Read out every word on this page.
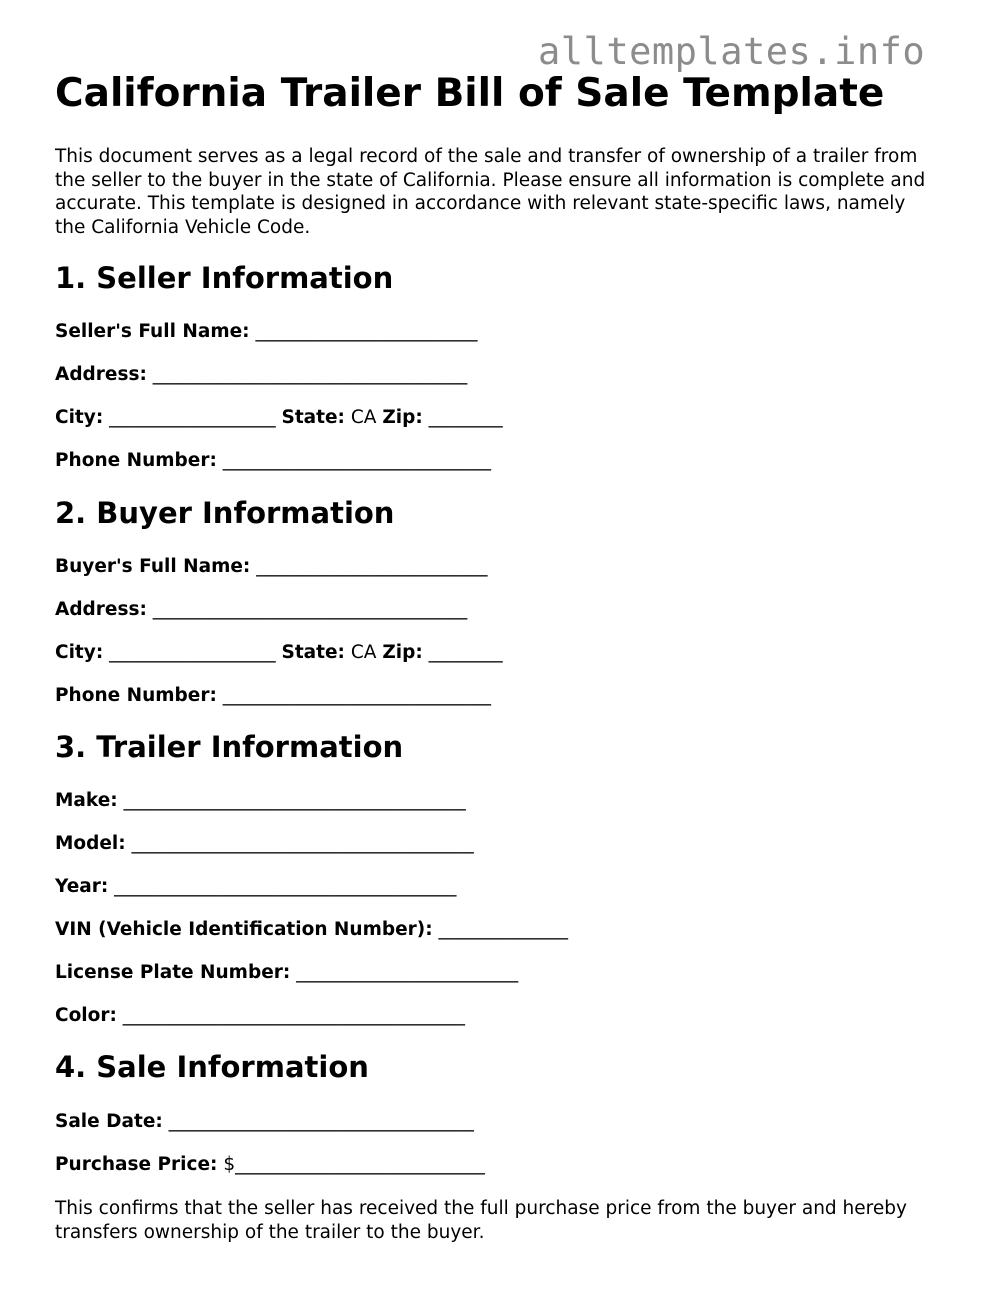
alltemplates.info
California Trailer Bill of Sale Template

This document serves as a legal record of the sale and transfer of ownership of a trailer from the seller to the buyer in the state of California. Please ensure all information is complete and accurate. This template is designed in accordance with relevant state-specific laws, namely the California Vehicle Code.

1. Seller Information

Seller's Full Name: ________________________

Address: __________________________________

City: __________________ State: CA Zip: ________

Phone Number: _____________________________

2. Buyer Information

Buyer's Full Name: _________________________

Address: __________________________________

City: __________________ State: CA Zip: ________

Phone Number: _____________________________

3. Trailer Information

Make: _____________________________________

Model: _____________________________________

Year: _____________________________________

VIN (Vehicle Identification Number): ______________

License Plate Number: ________________________

Color: _____________________________________

4. Sale Information

Sale Date: _________________________________

Purchase Price: $___________________________

This confirms that the seller has received the full purchase price from the buyer and hereby transfers ownership of the trailer to the buyer.
